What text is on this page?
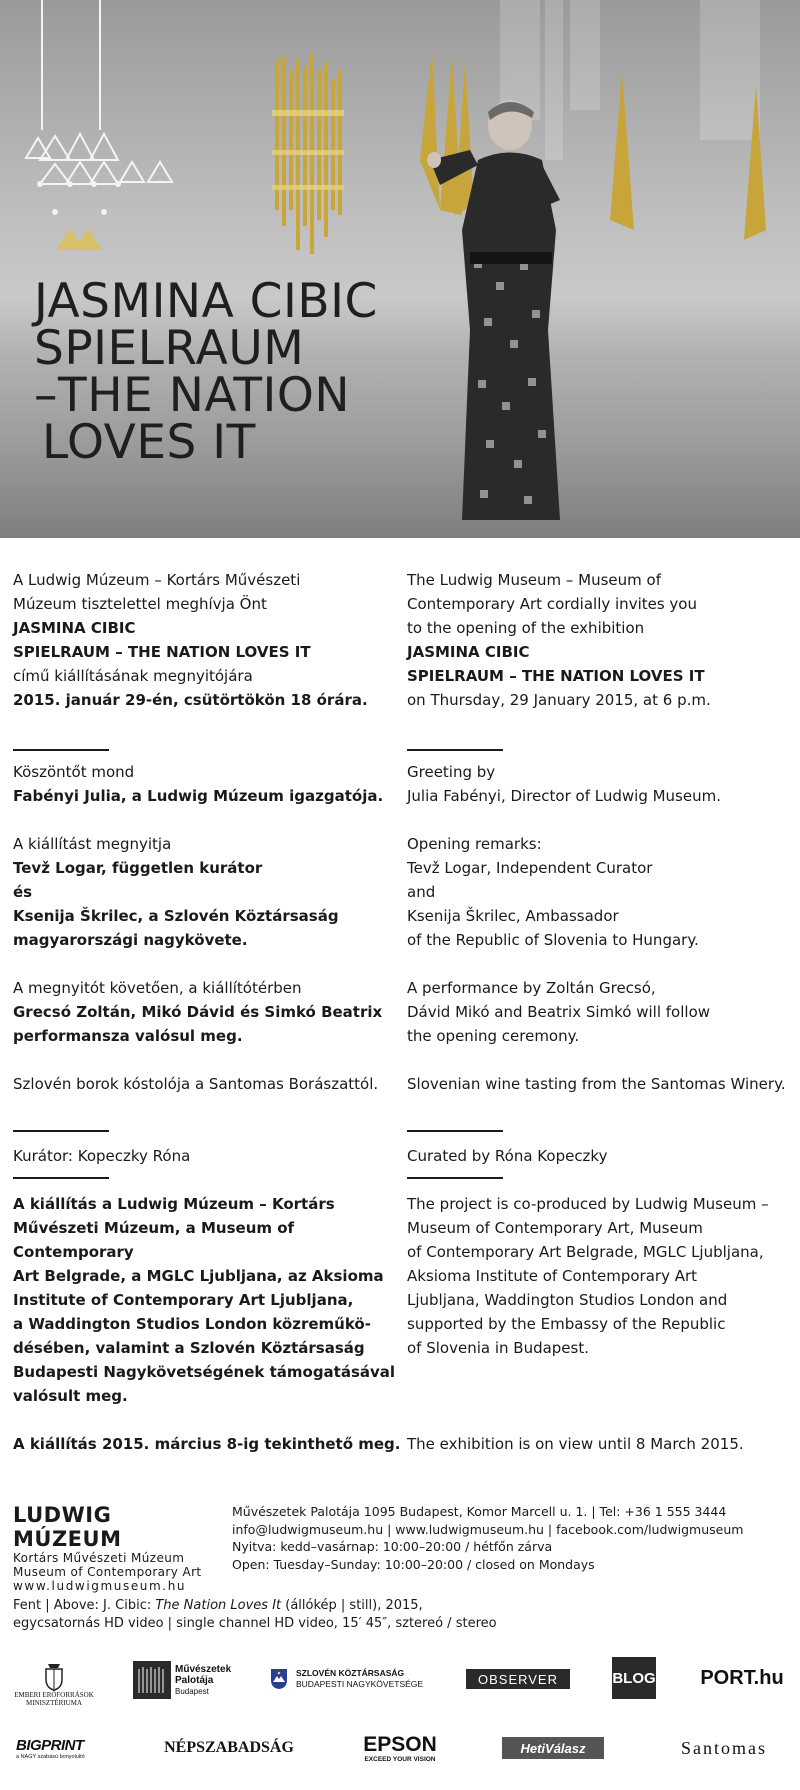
JASMINA CIBIC
SPIELRAUM
–THE NATION
LOVES IT
A Ludwig Múzeum – Kortárs Művészeti
Múzeum tisztelettel meghívja Önt
JASMINA CIBIC
SPIELRAUM – THE NATION LOVES IT
című kiállításának megnyitójára
2015. január 29-én, csütörtökön 18 órára.
Köszöntőt mond
Fabényi Julia, a Ludwig Múzeum igazgatója.
A kiállítást megnyitja
Tevž Logar, független kurátor
és
Ksenija Škrilec, a Szlovén Köztársaság
magyarországi nagykövete.
A megnyitót követően, a kiállítótérben
Grecsó Zoltán, Mikó Dávid és Simkó Beatrix
performansza valósul meg.
Szlovén borok kóstolója a Santomas Borászattól.
Kurátor: Kopeczky Róna
A kiállítás a Ludwig Múzeum – Kortárs
Művészeti Múzeum, a Museum of Contemporary
Art Belgrade, a MGLC Ljubljana, az Aksioma
Institute of Contemporary Art Ljubljana,
a Waddington Studios London közreműkö-
désében, valamint a Szlovén Köztársaság
Budapesti Nagykövetségének támogatásával
valósult meg.
A kiállítás 2015. március 8-ig tekinthető meg.
The Ludwig Museum – Museum of
Contemporary Art cordially invites you
to the opening of the exhibition
JASMINA CIBIC
SPIELRAUM – THE NATION LOVES IT
on Thursday, 29 January 2015, at 6 p.m.
Greeting by
Julia Fabényi, Director of Ludwig Museum.
Opening remarks:
Tevž Logar, Independent Curator
and
Ksenija Škrilec, Ambassador
of the Republic of Slovenia to Hungary.
A performance by Zoltán Grecsó,
Dávid Mikó and Beatrix Simkó will follow
the opening ceremony.
Slovenian wine tasting from the Santomas Winery.
Curated by Róna Kopeczky
The project is co-produced by Ludwig Museum –
Museum of Contemporary Art, Museum
of Contemporary Art Belgrade, MGLC Ljubljana,
Aksioma Institute of Contemporary Art
Ljubljana, Waddington Studios London and
supported by the Embassy of the Republic
of Slovenia in Budapest.
The exhibition is on view until 8 March 2015.
LUDWIG MÚZEUM
Kortárs Művészeti Múzeum
Museum of Contemporary Art
www.ludwigmuseum.hu
Művészetek Palotája 1095 Budapest, Komor Marcell u. 1. | Tel: +36 1 555 3444
info@ludwigmuseum.hu | www.ludwigmuseum.hu | facebook.com/ludwigmuseum
Nyitva: kedd–vasárnap: 10:00–20:00 / hétfőn zárva
Open: Tuesday–Sunday: 10:00–20:00 / closed on Mondays
Fent | Above: J. Cibic: The Nation Loves It (állókép | still), 2015,
egycsatornás HD video | single channel HD video, 15′ 45″, sztereó / stereo
EMBERI ERŐFORRÁSOK
MINISZTÉRIUMA
Művészetek
Palotája
Budapest
SZLOVÉN KÖZTÁRSASÁG
BUDAPESTI NAGYKÖVETSÉGE	OBSERVER	BLOG PORT.hu
BIGPRINT
a NAGY szabású bonyolultó
NÉPSZABADSÁG	EPSON
EXCEED YOUR VISION
HetiVálasz	Santomas
